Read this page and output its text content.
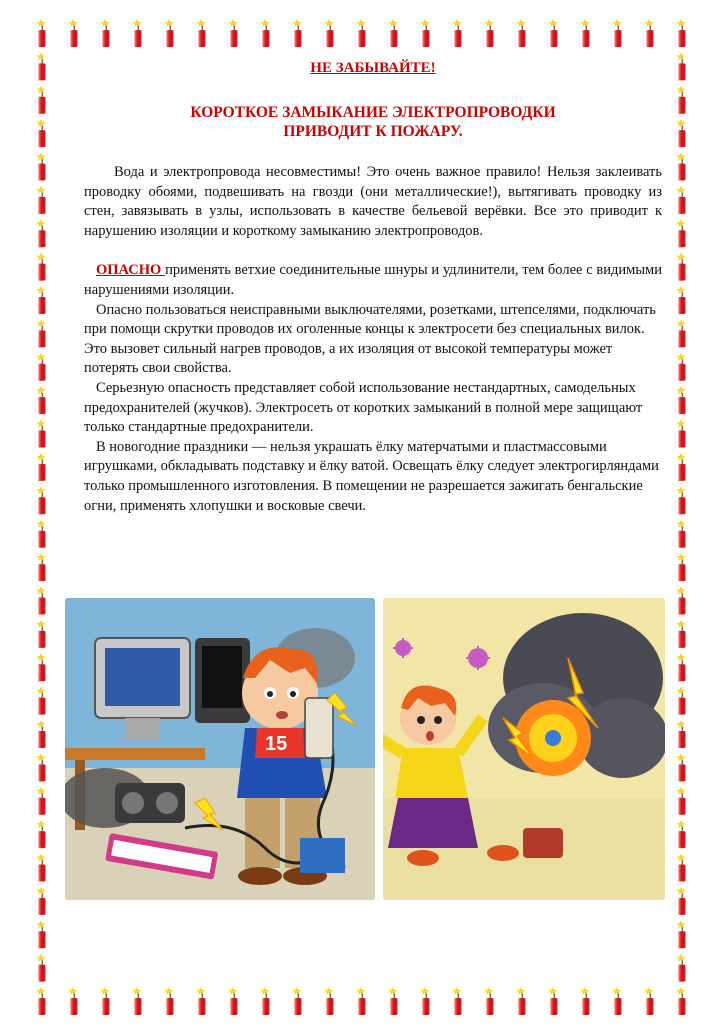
НЕ ЗАБЫВАЙТЕ!

КОРОТКОЕ ЗАМЫКАНИЕ ЭЛЕКТРОПРОВОДКИ
ПРИВОДИТ К ПОЖАРУ.

Вода и электропровода несовместимы! Это очень важное правило! Нельзя заклеивать проводку обоями, подвешивать на гвозди (они металлические!), вытягивать проводку из стен, завязывать в узлы, использовать в качестве бельевой верёвки. Все это приводит к нарушению изоляции и короткому замыканию электропроводов.

ОПАСНО применять ветхие соединительные шнуры и удлинители, тем более с видимыми нарушениями изоляции.

Опасно пользоваться неисправными выключателями, розетками, штепселями, подключать при помощи скрутки проводов их оголенные концы к электросети без специальных вилок. Это вызовет сильный нагрев проводов, а их изоляция от высокой температуры может потерять свои свойства.

Серьезную опасность представляет собой использование нестандартных, самодельных предохранителей (жучков). Электросеть от коротких замыканий в полной мере защищают только стандартные предохранители.

В новогодние праздники — нельзя украшать ёлку матерчатыми и пластмассовыми игрушками, обкладывать подставку и ёлку ватой. Освещать ёлку следует электрогирляндами только промышленного изготовления. В помещении не разрешается зажигать бенгальские огни, применять хлопушки и восковые свечи.

15
